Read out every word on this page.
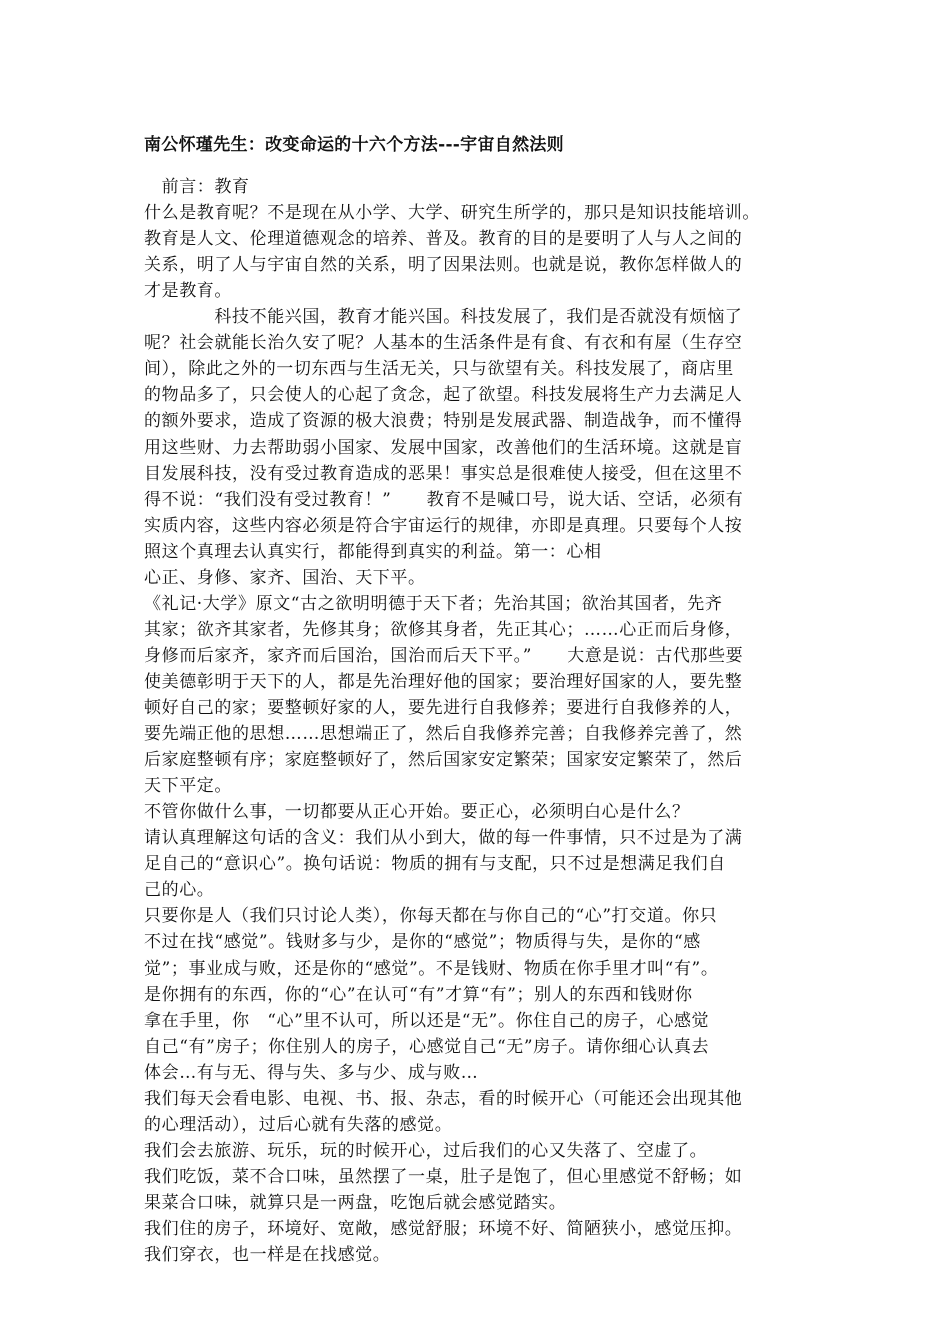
南公怀瑾先生：改变命运的十六个方法---宇宙自然法则
　前言：教育
什么是教育呢？不是现在从小学、大学、研究生所学的，那只是知识技能培训。
教育是人文、伦理道德观念的培养、普及。教育的目的是要明了人与人之间的
关系，明了人与宇宙自然的关系，明了因果法则。也就是说，教你怎样做人的
才是教育。
　　　　科技不能兴国，教育才能兴国。科技发展了，我们是否就没有烦恼了
呢？社会就能长治久安了呢？人基本的生活条件是有食、有衣和有屋（生存空
间），除此之外的一切东西与生活无关，只与欲望有关。科技发展了，商店里
的物品多了，只会使人的心起了贪念，起了欲望。科技发展将生产力去满足人
的额外要求，造成了资源的极大浪费；特别是发展武器、制造战争，而不懂得
用这些财、力去帮助弱小国家、发展中国家，改善他们的生活环境。这就是盲
目发展科技，没有受过教育造成的恶果！事实总是很难使人接受，但在这里不
得不说：“我们没有受过教育！”　　教育不是喊口号，说大话、空话，必须有
实质内容，这些内容必须是符合宇宙运行的规律，亦即是真理。只要每个人按
照这个真理去认真实行，都能得到真实的利益。第一：心相
心正、身修、家齐、国治、天下平。
《礼记·大学》原文“古之欲明明德于天下者；先治其国；欲治其国者，先齐
其家；欲齐其家者，先修其身；欲修其身者，先正其心；……心正而后身修，
身修而后家齐，家齐而后国治，国治而后天下平。”　　大意是说：古代那些要
使美德彰明于天下的人，都是先治理好他的国家；要治理好国家的人，要先整
顿好自己的家；要整顿好家的人，要先进行自我修养；要进行自我修养的人，
要先端正他的思想……思想端正了，然后自我修养完善；自我修养完善了，然
后家庭整顿有序；家庭整顿好了，然后国家安定繁荣；国家安定繁荣了，然后
天下平定。
不管你做什么事，一切都要从正心开始。要正心，必须明白心是什么？
请认真理解这句话的含义：我们从小到大，做的每一件事情，只不过是为了满
足自己的“意识心”。换句话说：物质的拥有与支配，只不过是想满足我们自
己的心。
只要你是人（我们只讨论人类），你每天都在与你自己的“心”打交道。你只
不过在找“感觉”。钱财多与少，是你的“感觉”；物质得与失，是你的“感
觉”；事业成与败，还是你的“感觉”。不是钱财、物质在你手里才叫“有”。
是你拥有的东西，你的“心”在认可“有”才算“有”；别人的东西和钱财你
拿在手里，你　“心”里不认可，所以还是“无”。你住自己的房子，心感觉
自己“有”房子；你住别人的房子，心感觉自己“无”房子。请你细心认真去
体会…有与无、得与失、多与少、成与败…
我们每天会看电影、电视、书、报、杂志，看的时候开心（可能还会出现其他
的心理活动），过后心就有失落的感觉。
我们会去旅游、玩乐，玩的时候开心，过后我们的心又失落了、空虚了。
我们吃饭，菜不合口味，虽然摆了一桌，肚子是饱了，但心里感觉不舒畅；如
果菜合口味，就算只是一两盘，吃饱后就会感觉踏实。
我们住的房子，环境好、宽敞，感觉舒服；环境不好、简陋狭小，感觉压抑。
我们穿衣，也一样是在找感觉。
